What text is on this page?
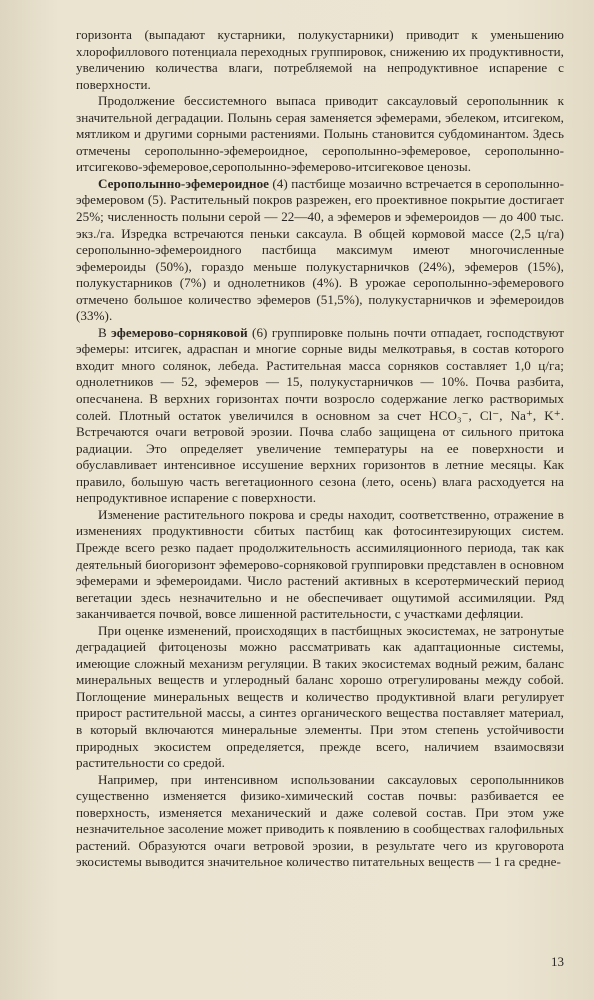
горизонта (выпадают кустарники, полукустарники) приводит к уменьшению хлорофиллового потенциала переходных группировок, снижению их продуктивности, увеличению количества влаги, потребляемой на непродуктивное испарение с поверхности.

Продолжение бессистемного выпаса приводит саксауловый серополынник к значительной деградации. Полынь серая заменяется эфемерами, эбелеком, итсигеком, мятликом и другими сорными растениями. Полынь становится субдоминантом. Здесь отмечены серополынно-эфемероидное, серополынно-эфемеровое, серополынно-итсигеково-эфемеровое,серополынно-эфемерово-итсигековое ценозы.

Серополынно-эфемероидное (4) пастбище мозаично встречается в серополынно-эфемеровом (5). Растительный покров разрежен, его проективное покрытие достигает 25%; численность полыни серой — 22—40, а эфемеров и эфемероидов — до 400 тыс. экз./га. Изредка встречаются пеньки саксаула. В общей кормовой массе (2,5 ц/га) серополынно-эфемероидного пастбища максимум имеют многочисленные эфемероиды (50%), гораздо меньше полукустарничков (24%), эфемеров (15%), полукустарников (7%) и однолетников (4%). В урожае серополынно-эфемерового отмечено большое количество эфемеров (51,5%), полукустарничков и эфемероидов (33%).

В эфемерово-сорняковой (6) группировке полынь почти отпадает, господствуют эфемеры: итсигек, адраспан и многие сорные виды мелкотравья, в состав которого входит много солянок, лебеда. Растительная масса сорняков составляет 1,0 ц/га; однолетников — 52, эфемеров — 15, полукустарничков — 10%. Почва разбита, опесчанена. В верхних горизонтах почти возросло содержание легко растворимых солей. Плотный остаток увеличился в основном за счет HCO₃⁻, Cl⁻, Na⁺, K⁺. Встречаются очаги ветровой эрозии. Почва слабо защищена от сильного притока радиации. Это определяет увеличение температуры на ее поверхности и обуславливает интенсивное иссушение верхних горизонтов в летние месяцы. Как правило, большую часть вегетационного сезона (лето, осень) влага расходуется на непродуктивное испарение с поверхности.

Изменение растительного покрова и среды находит, соответственно, отражение в изменениях продуктивности сбитых пастбищ как фотосинтезирующих систем. Прежде всего резко падает продолжительность ассимиляционного периода, так как деятельный биогоризонт эфемерово-сорняковой группировки представлен в основном эфемерами и эфемероидами. Число растений активных в ксеротермический период вегетации здесь незначительно и не обеспечивает ощутимой ассимиляции. Ряд заканчивается почвой, вовсе лишенной растительности, с участками дефляции.

При оценке изменений, происходящих в пастбищных экосистемах, не затронутые деградацией фитоценозы можно рассматривать как адаптационные системы, имеющие сложный механизм регуляции. В таких экосистемах водный режим, баланс минеральных веществ и углеродный баланс хорошо отрегулированы между собой. Поглощение минеральных веществ и количество продуктивной влаги регулирует прирост растительной массы, а синтез органического вещества поставляет материал, в который включаются минеральные элементы. При этом степень устойчивости природных экосистем определяется, прежде всего, наличием взаимосвязи растительности со средой.

Например, при интенсивном использовании саксауловых серополынников существенно изменяется физико-химический состав почвы: разбивается ее поверхность, изменяется механический и даже солевой состав. При этом уже незначительное засоление может приводить к появлению в сообществах галофильных растений. Образуются очаги ветровой эрозии, в результате чего из круговорота экосистемы выводится значительное количество питательных веществ — 1 га средне-

13
